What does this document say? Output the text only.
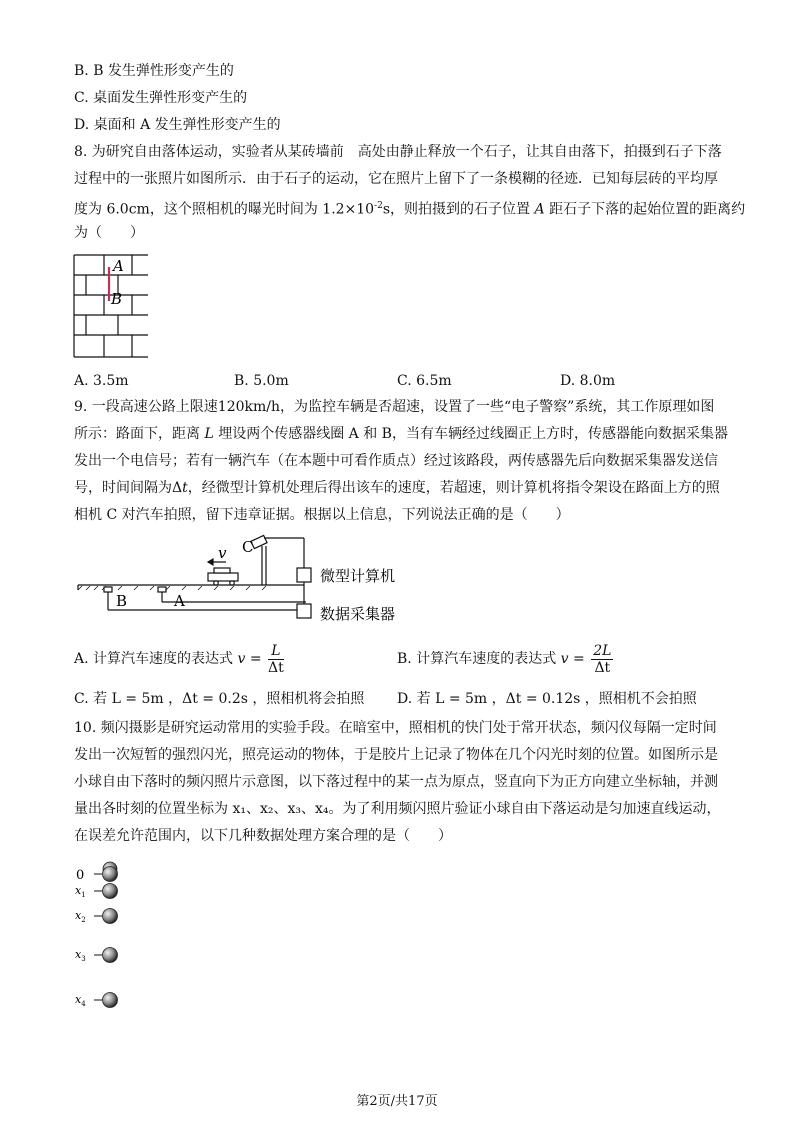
B. B 发生弹性形变产生的
C. 桌面发生弹性形变产生的
D. 桌面和 A 发生弹性形变产生的
8. 为研究自由落体运动，实验者从某砖墙前　高处由静止释放一个石子，让其自由落下，拍摄到石子下落
过程中的一张照片如图所示．由于石子的运动，它在照片上留下了一条模糊的径迹．已知每层砖的平均厚
度为 6.0cm，这个照相机的曝光时间为 $1.2\times 10^{-2}s$，则拍摄到的石子位置 A 距石子下落的起始位置的距离约
为（　　）
A
B
A. 3.5m	B. 5.0m	C. 6.5m	D. 8.0m
9. 一段高速公路上限速120km/h，为监控车辆是否超速，设置了一些“电子警察”系统，其工作原理如图
所示：路面下，距离 L 埋设两个传感器线圈 A 和 B，当有车辆经过线圈正上方时，传感器能向数据采集器
发出一个电信号；若有一辆汽车（在本题中可看作质点）经过该路段，两传感器先后向数据采集器发送信
号，时间间隔为Δt，经微型计算机处理后得出该车的速度，若超速，则计算机将指令架设在路面上方的照
相机 C 对汽车拍照，留下违章证据。根据以上信息，下列说法正确的是（　　）
C
v
B	A
微型计算机
数据采集器
A. 计算汽车速度的表达式 $v = \frac{L}{\Delta t}$	B. 计算汽车速度的表达式 $v = \frac{2L}{\Delta t}$
C. 若 L = 5m ，Δt = 0.2s ，照相机将会拍照 D. 若 L = 5m ，Δt = 0.12s ，照相机不会拍照
10. 频闪摄影是研究运动常用的实验手段。在暗室中，照相机的快门处于常开状态，频闪仪每隔一定时间
发出一次短暂的强烈闪光，照亮运动的物体，于是胶片上记录了物体在几个闪光时刻的位置。如图所示是
小球自由下落时的频闪照片示意图，以下落过程中的某一点为原点，竖直向下为正方向建立坐标轴，并测
量出各时刻的位置坐标为 x₁、x₂、x₃、x₄。为了利用频闪照片验证小球自由下落运动是匀加速直线运动，
在误差允许范围内，以下几种数据处理方案合理的是（　　）
0
$x_1$
$x_2$
$x_3$
$x_4$
第2页/共17页
